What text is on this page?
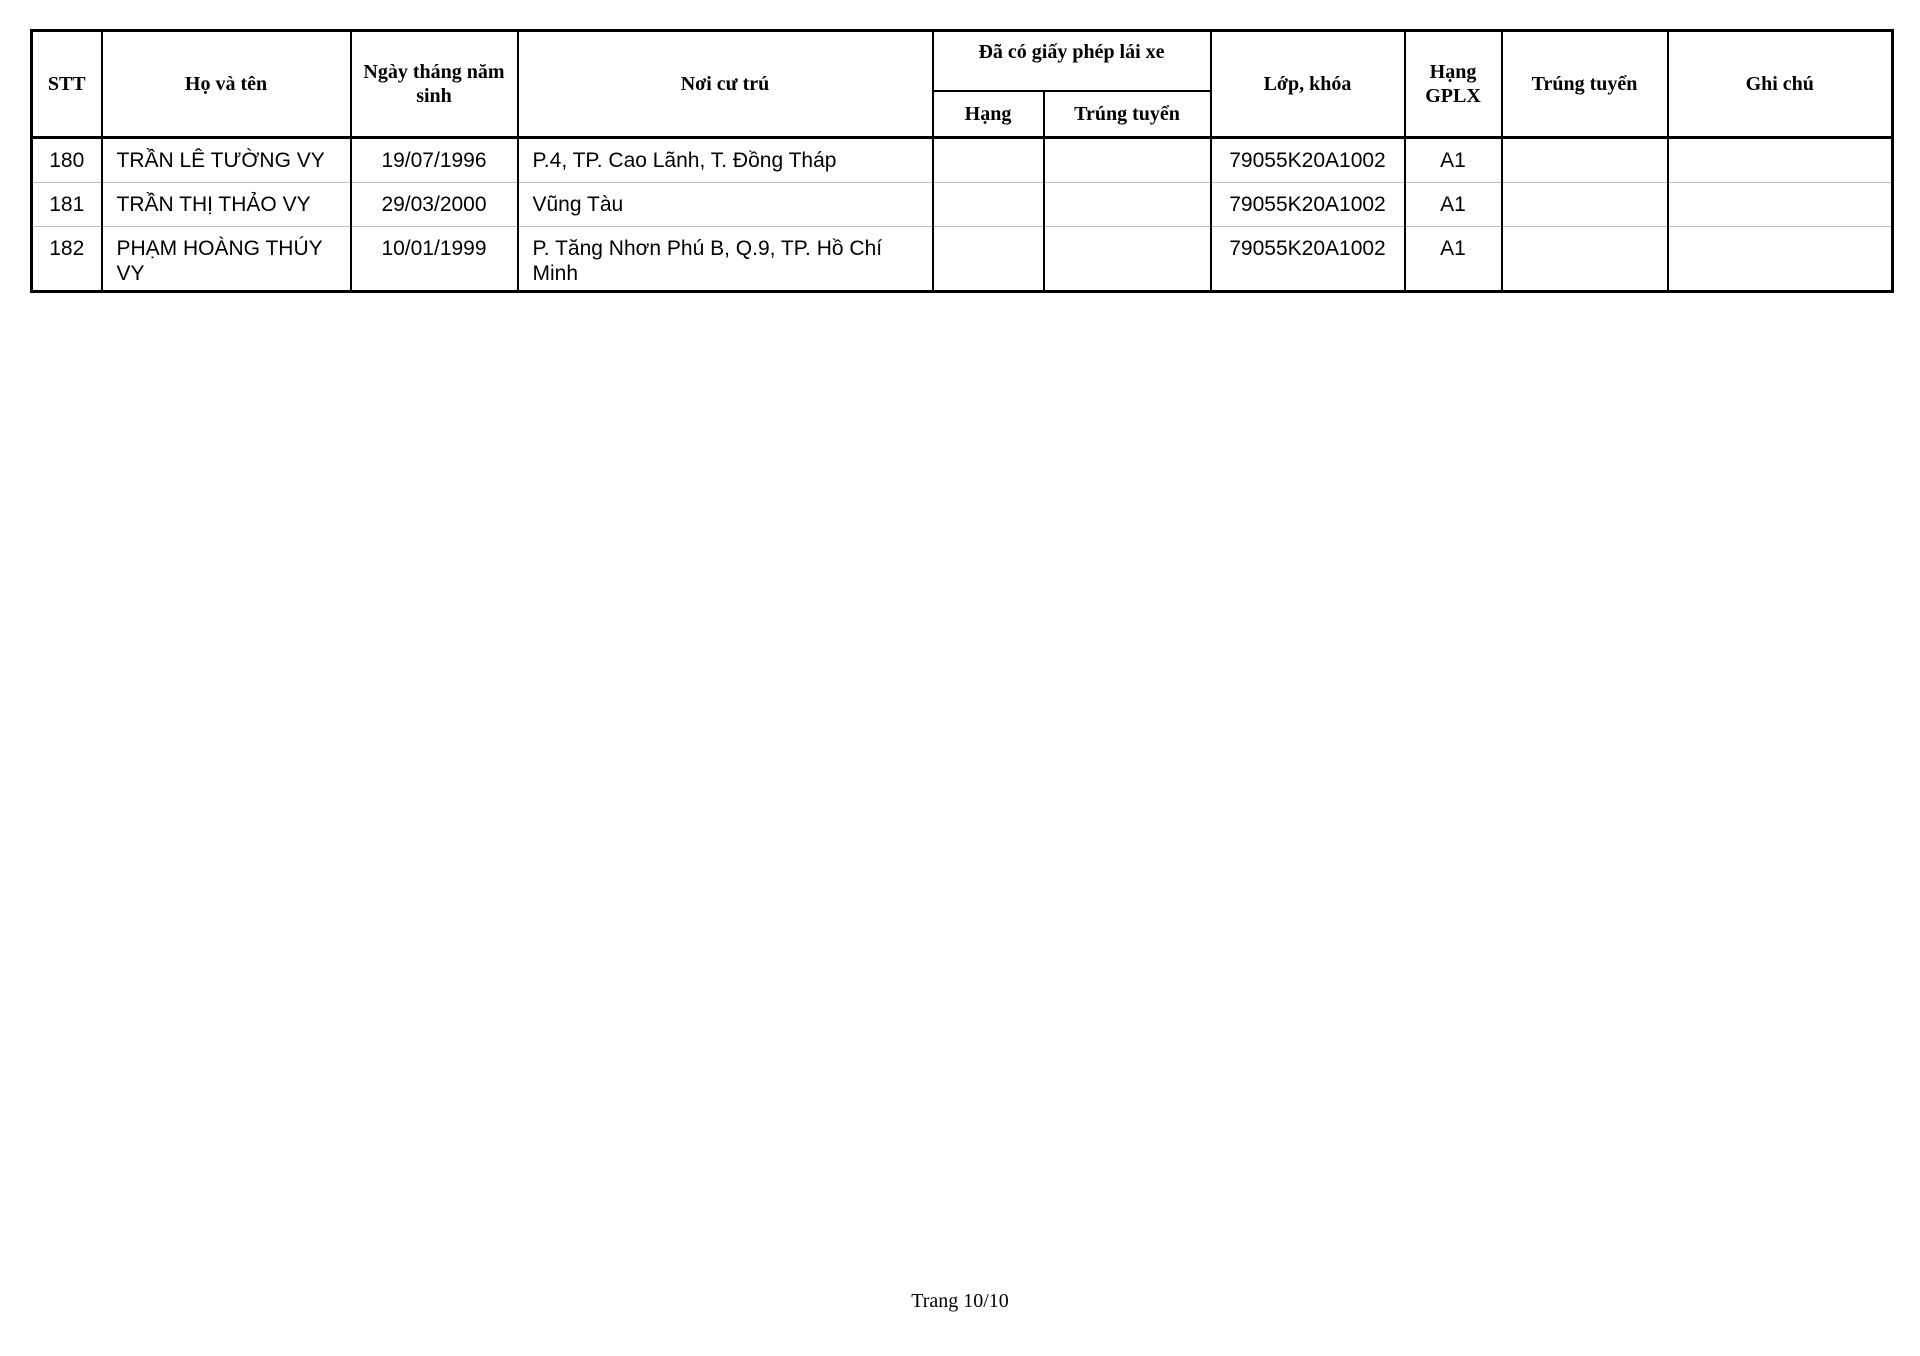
STT	Họ và tên	Ngày tháng năm sinh	Nơi cư trú	Đã có giấy phép lái xe		Lớp, khóa	Hạng GPLX	Trúng tuyển	Ghi chú
				Hạng	Trúng tuyển				
180	TRẦN LÊ TƯỜNG VY	19/07/1996	P.4, TP. Cao Lãnh, T. Đồng Tháp			79055K20A1002	A1		
181	TRẦN THỊ THẢO VY	29/03/2000	Vũng Tàu			79055K20A1002	A1		
182	PHẠM HOÀNG THÚY VY	10/01/1999	P. Tăng Nhơn Phú B, Q.9, TP. Hồ Chí Minh			79055K20A1002	A1		
Trang 10/10
